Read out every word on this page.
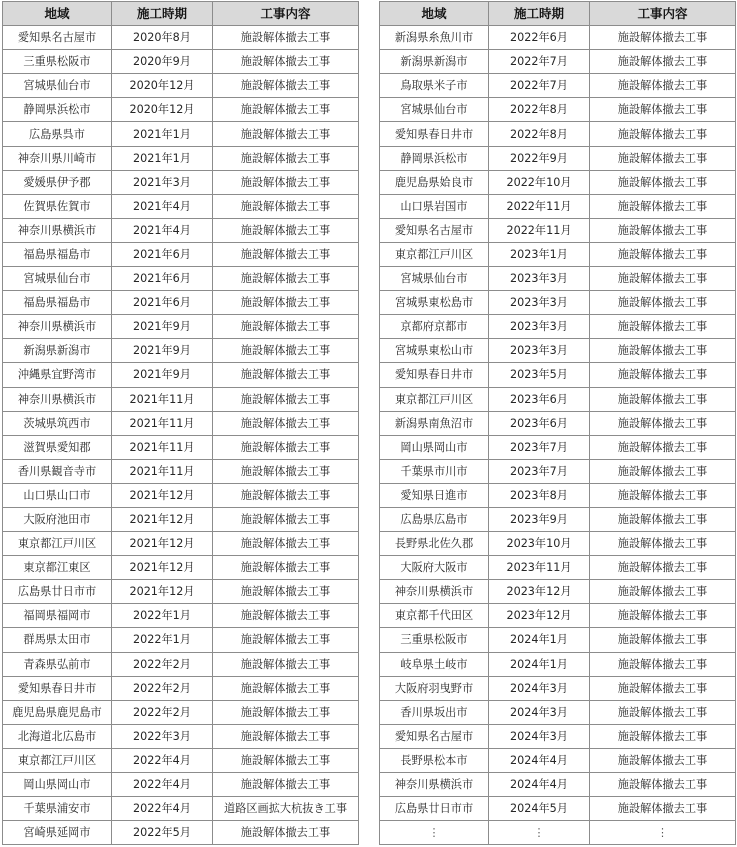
地域	施工時期	工事内容
愛知県名古屋市	2020年8月	施設解体撤去工事
三重県松阪市	2020年9月	施設解体撤去工事
宮城県仙台市	2020年12月	施設解体撤去工事
静岡県浜松市	2020年12月	施設解体撤去工事
広島県呉市	2021年1月	施設解体撤去工事
神奈川県川崎市	2021年1月	施設解体撤去工事
愛媛県伊予郡	2021年3月	施設解体撤去工事
佐賀県佐賀市	2021年4月	施設解体撤去工事
神奈川県横浜市	2021年4月	施設解体撤去工事
福島県福島市	2021年6月	施設解体撤去工事
宮城県仙台市	2021年6月	施設解体撤去工事
福島県福島市	2021年6月	施設解体撤去工事
神奈川県横浜市	2021年9月	施設解体撤去工事
新潟県新潟市	2021年9月	施設解体撤去工事
沖縄県宜野湾市	2021年9月	施設解体撤去工事
神奈川県横浜市	2021年11月	施設解体撤去工事
茨城県筑西市	2021年11月	施設解体撤去工事
滋賀県愛知郡	2021年11月	施設解体撤去工事
香川県観音寺市	2021年11月	施設解体撤去工事
山口県山口市	2021年12月	施設解体撤去工事
大阪府池田市	2021年12月	施設解体撤去工事
東京都江戸川区	2021年12月	施設解体撤去工事
東京都江東区	2021年12月	施設解体撤去工事
広島県廿日市市	2021年12月	施設解体撤去工事
福岡県福岡市	2022年1月	施設解体撤去工事
群馬県太田市	2022年1月	施設解体撤去工事
青森県弘前市	2022年2月	施設解体撤去工事
愛知県春日井市	2022年2月	施設解体撤去工事
鹿児島県鹿児島市	2022年2月	施設解体撤去工事
北海道北広島市	2022年3月	施設解体撤去工事
東京都江戸川区	2022年4月	施設解体撤去工事
岡山県岡山市	2022年4月	施設解体撤去工事
千葉県浦安市	2022年4月	道路区画拡大杭抜き工事
宮崎県延岡市	2022年5月	施設解体撤去工事
地域	施工時期	工事内容
新潟県糸魚川市	2022年6月	施設解体撤去工事
新潟県新潟市	2022年7月	施設解体撤去工事
鳥取県米子市	2022年7月	施設解体撤去工事
宮城県仙台市	2022年8月	施設解体撤去工事
愛知県春日井市	2022年8月	施設解体撤去工事
静岡県浜松市	2022年9月	施設解体撤去工事
鹿児島県姶良市	2022年10月	施設解体撤去工事
山口県岩国市	2022年11月	施設解体撤去工事
愛知県名古屋市	2022年11月	施設解体撤去工事
東京都江戸川区	2023年1月	施設解体撤去工事
宮城県仙台市	2023年3月	施設解体撤去工事
宮城県東松島市	2023年3月	施設解体撤去工事
京都府京都市	2023年3月	施設解体撤去工事
宮城県東松山市	2023年3月	施設解体撤去工事
愛知県春日井市	2023年5月	施設解体撤去工事
東京都江戸川区	2023年6月	施設解体撤去工事
新潟県南魚沼市	2023年6月	施設解体撤去工事
岡山県岡山市	2023年7月	施設解体撤去工事
千葉県市川市	2023年7月	施設解体撤去工事
愛知県日進市	2023年8月	施設解体撤去工事
広島県広島市	2023年9月	施設解体撤去工事
長野県北佐久郡	2023年10月	施設解体撤去工事
大阪府大阪市	2023年11月	施設解体撤去工事
神奈川県横浜市	2023年12月	施設解体撤去工事
東京都千代田区	2023年12月	施設解体撤去工事
三重県松阪市	2024年1月	施設解体撤去工事
岐阜県土岐市	2024年1月	施設解体撤去工事
大阪府羽曳野市	2024年3月	施設解体撤去工事
香川県坂出市	2024年3月	施設解体撤去工事
愛知県名古屋市	2024年3月	施設解体撤去工事
長野県松本市	2024年4月	施設解体撤去工事
神奈川県横浜市	2024年4月	施設解体撤去工事
広島県廿日市市	2024年5月	施設解体撤去工事
⋮	⋮	⋮
